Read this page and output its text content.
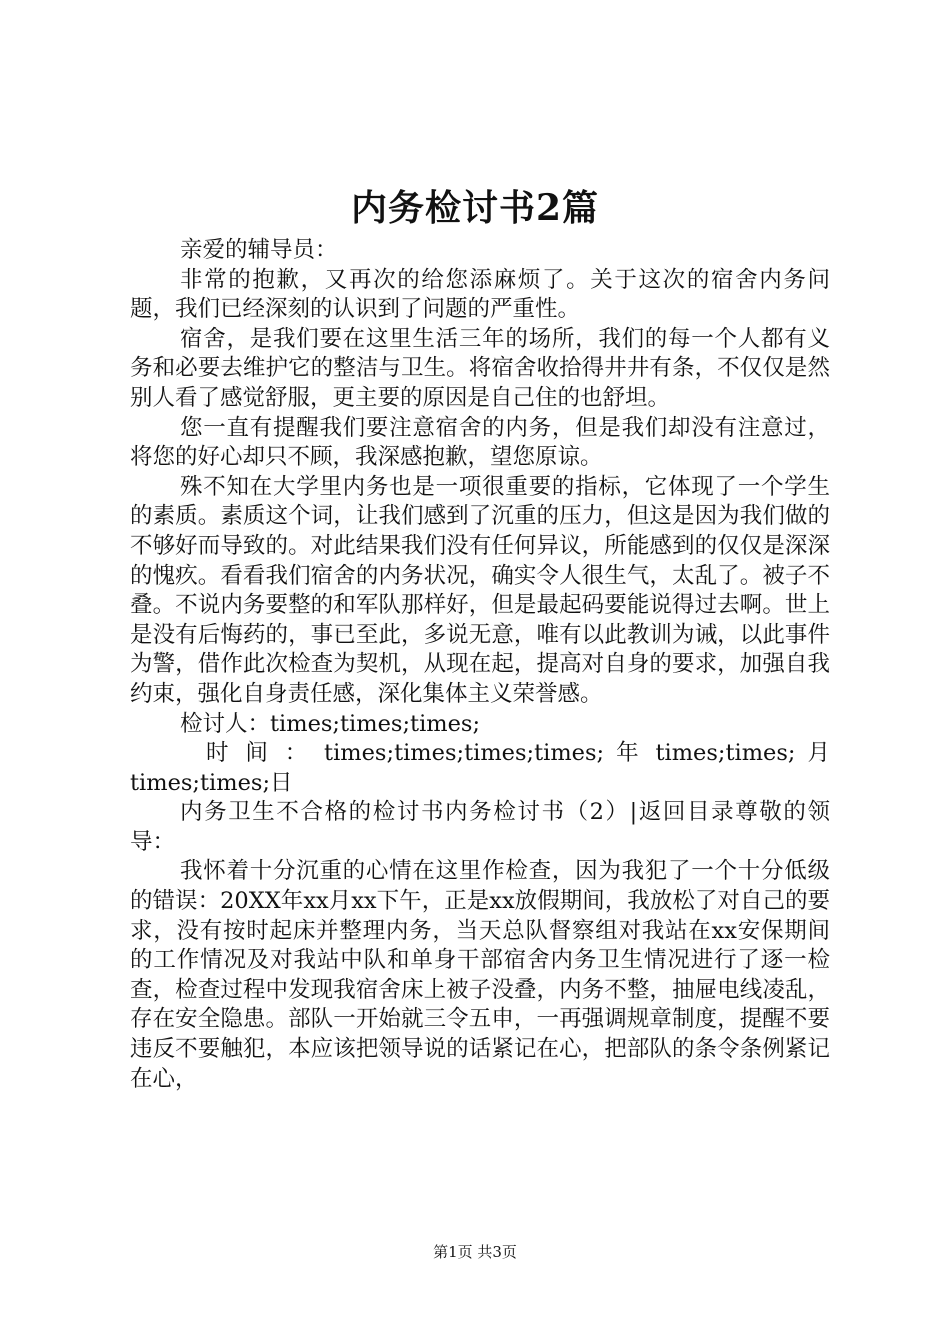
内务检讨书2篇

亲爱的辅导员：

非常的抱歉，又再次的给您添麻烦了。关于这次的宿舍内务问题，我们已经深刻的认识到了问题的严重性。

宿舍，是我们要在这里生活三年的场所，我们的每一个人都有义务和必要去维护它的整洁与卫生。将宿舍收拾得井井有条，不仅仅是然别人看了感觉舒服，更主要的原因是自己住的也舒坦。

您一直有提醒我们要注意宿舍的内务，但是我们却没有注意过，将您的好心却只不顾，我深感抱歉，望您原谅。

殊不知在大学里内务也是一项很重要的指标，它体现了一个学生的素质。素质这个词，让我们感到了沉重的压力，但这是因为我们做的不够好而导致的。对此结果我们没有任何异议，所能感到的仅仅是深深的愧疚。看看我们宿舍的内务状况，确实令人很生气，太乱了。被子不叠。不说内务要整的和军队那样好，但是最起码要能说得过去啊。世上是没有后悔药的，事已至此，多说无意，唯有以此教训为诫，以此事件为警，借作此次检查为契机，从现在起，提高对自身的要求，加强自我约束，强化自身责任感，深化集体主义荣誉感。

检讨人：times;times;times;

时 间 ： times;times;times;times; 年 times;times; 月 times;times;日

内务卫生不合格的检讨书内务检讨书（2）|返回目录尊敬的领导：

我怀着十分沉重的心情在这里作检查，因为我犯了一个十分低级的错误：20XX年xx月xx下午，正是xx放假期间，我放松了对自己的要求，没有按时起床并整理内务，当天总队督察组对我站在xx安保期间的工作情况及对我站中队和单身干部宿舍内务卫生情况进行了逐一检查，检查过程中发现我宿舍床上被子没叠，内务不整，抽屉电线凌乱，存在安全隐患。部队一开始就三令五申，一再强调规章制度，提醒不要违反不要触犯，本应该把领导说的话紧记在心，把部队的条令条例紧记在心，

第1页 共3页
